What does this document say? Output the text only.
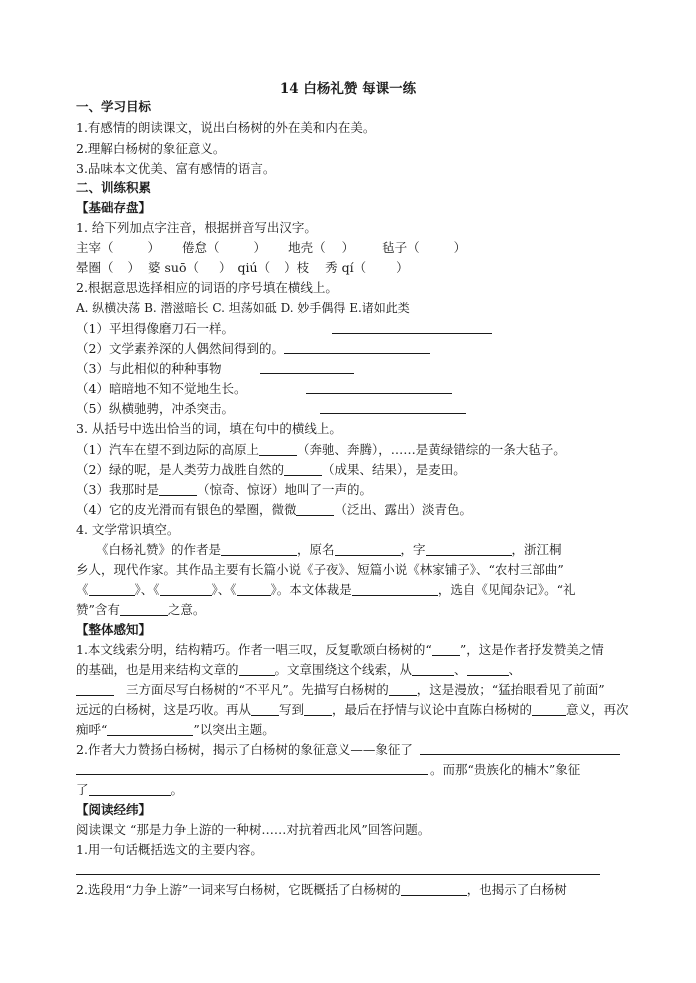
14 白杨礼赞 每课一练
一、学习目标
1.有感情的朗读课文，说出白杨树的外在美和内在美。
2.理解白杨树的象征意义。
3.品味本文优美、富有感情的语言。
二、训练积累
【基础存盘】
1. 给下列加点字注音，根据拼音写出汉字。
主宰（	） 倦怠（	） 地壳（ ） 毡子（	）
晕圈（ ） 婆 suō（ ） qiú（ ）枝 秀 qí（ ）
2.根据意思选择相应的词语的序号填在横线上。
A. 纵横决荡 B. 潜滋暗长 C. 坦荡如砥 D. 妙手偶得 E.诸如此类
（1）平坦得像磨刀石一样。
（2）文学素养深的人偶然间得到的。
（3）与此相似的种种事物
（4）暗暗地不知不觉地生长。
（5）纵横驰骋，冲杀突击。
3. 从括号中选出恰当的词，填在句中的横线上。
（1）汽车在望不到边际的高原上	（奔驰、奔腾），……是黄绿错综的一条大毡子。
（2）绿的呢，是人类劳力战胜自然的	（成果、结果），是麦田。
（3）我那时是	（惊奇、惊讶）地叫了一声的。
（4）它的皮光滑而有银色的晕圈，微微	（泛出、露出）淡青色。
4. 文学常识填空。
《白杨礼赞》的作者是	，原名	，字	，浙江桐
乡人，现代作家。其作品主要有长篇小说《子夜》、短篇小说《林家铺子》、“农村三部曲”
《	》、《	》、《	》。本文体裁是	，选自《见闻杂记》。“礼
赞”含有	之意。
【整体感知】
1.本文线索分明，结构精巧。作者一唱三叹，反复歌颂白杨树的“ ”，这是作者抒发赞美之情
的基础，也是用来结构文章的	。文章围绕这个线索，从	、	、
三方面尽写白杨树的“不平凡”。先描写白杨树的 ，这是漫放；“猛抬眼看见了前面”
远远的白杨树，这是巧收。再从 写到 ，最后在抒情与议论中直陈白杨树的	意义，再次
痴呼“	”以突出主题。
2.作者大力赞扬白杨树，揭示了白杨树的象征意义——象征了
。而那“贵族化的楠木”象征
了	。
【阅读经纬】
阅读课文 “那是力争上游的一种树……对抗着西北风”回答问题。
1.用一句话概括选文的主要内容。
2.选段用“力争上游”一词来写白杨树，它既概括了白杨树的	，也揭示了白杨树
